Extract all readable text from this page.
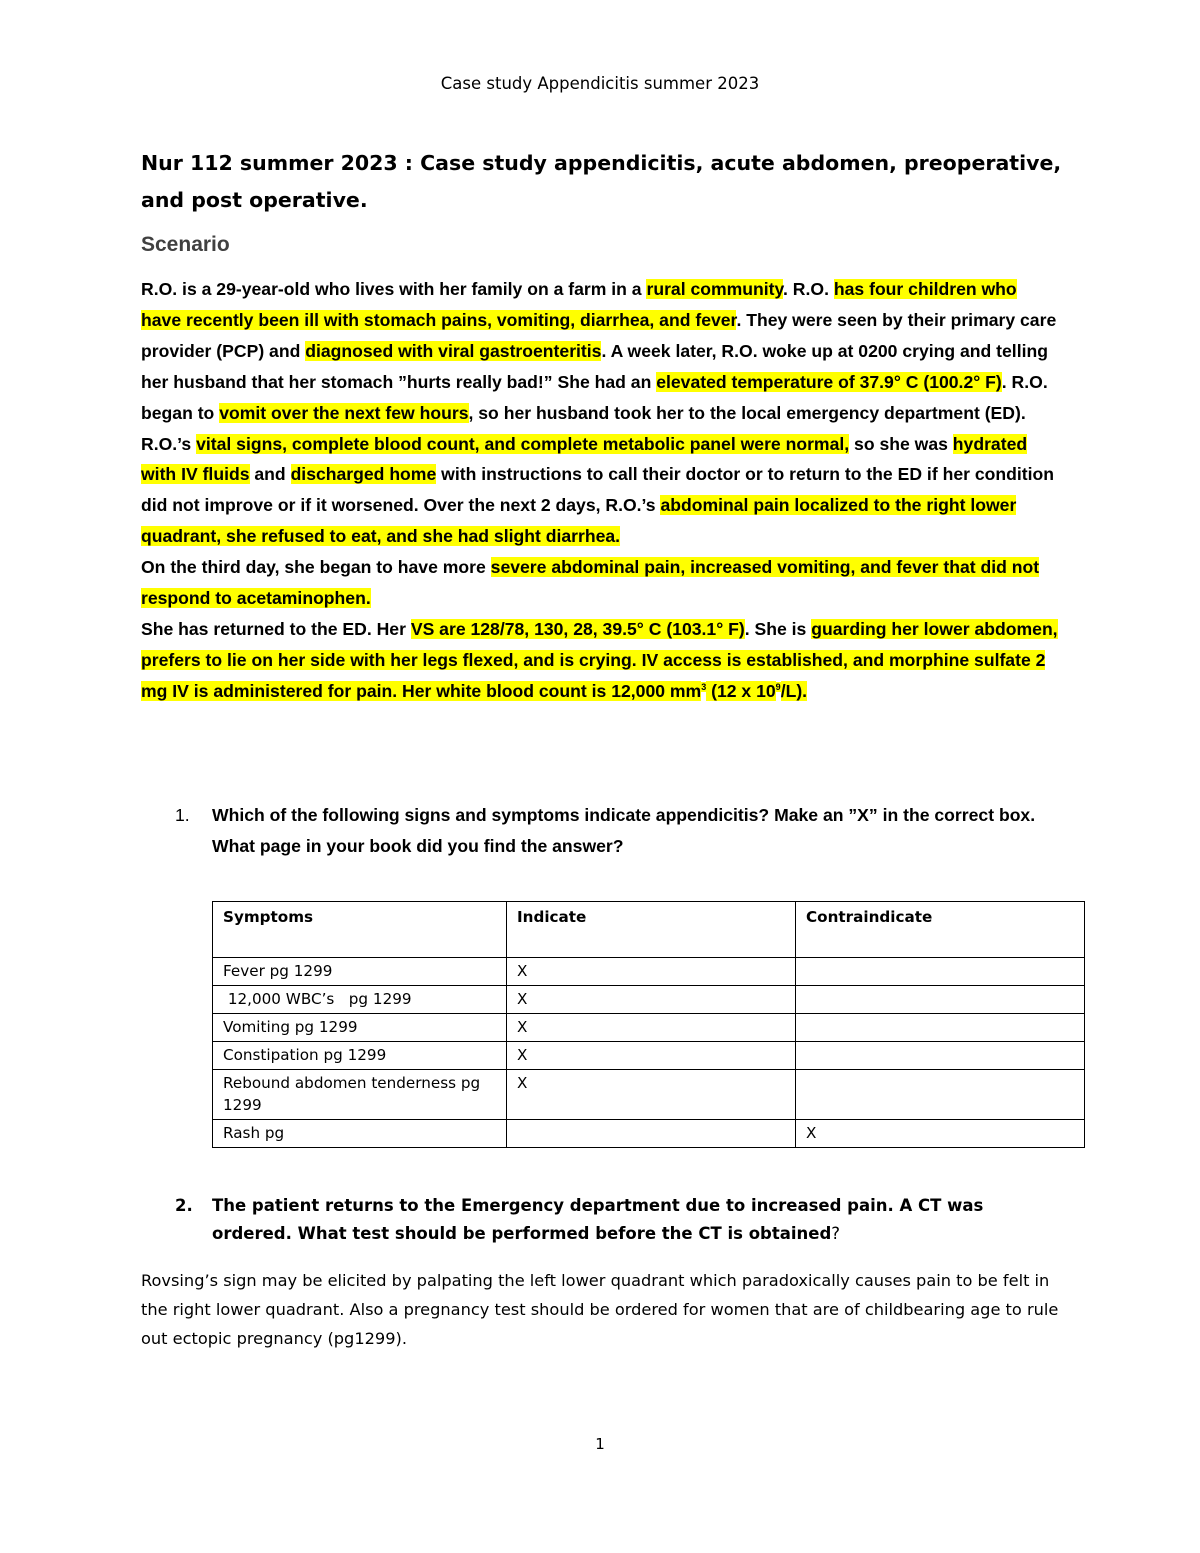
Case study Appendicitis summer 2023
Nur 112 summer 2023 : Case study appendicitis, acute abdomen, preoperative, and post operative.
Scenario

R.O. is a 29-year-old who lives with her family on a farm in a rural community. R.O. has four children who have recently been ill with stomach pains, vomiting, diarrhea, and fever. They were seen by their primary care provider (PCP) and diagnosed with viral gastroenteritis. A week later, R.O. woke up at 0200 crying and telling her husband that her stomach ”hurts really bad!” She had an elevated temperature of 37.9° C (100.2° F). R.O. began to vomit over the next few hours, so her husband took her to the local emergency department (ED). R.O.’s vital signs, complete blood count, and complete metabolic panel were normal, so she was hydrated with IV fluids and discharged home with instructions to call their doctor or to return to the ED if her condition did not improve or if it worsened. Over the next 2 days, R.O.’s abdominal pain localized to the right lower quadrant, she refused to eat, and she had slight diarrhea.

On the third day, she began to have more severe abdominal pain, increased vomiting, and fever that did not respond to acetaminophen.

She has returned to the ED. Her VS are 128/78, 130, 28, 39.5° C (103.1° F). She is guarding her lower abdomen, prefers to lie on her side with her legs flexed, and is crying. IV access is established, and morphine sulfate 2 mg IV is administered for pain. Her white blood count is 12,000 $mm^3$ (12 x $10^9/L$).

1. Which of the following signs and symptoms indicate appendicitis? Make an ”X” in the correct box. What page in your book did you find the answer?
Symptoms	Indicate	Contraindicate
Fever pg 1299	X	
12,000 WBC’s   pg 1299	X	
Vomiting pg 1299	X	
Constipation pg 1299	X	
Rebound abdomen tenderness pg 1299	X	
Rash pg		X
2. The patient returns to the Emergency department due to increased pain. A CT was ordered. What test should be performed before the CT is obtained?
Rovsing’s sign may be elicited by palpating the left lower quadrant which paradoxically causes pain to be felt in the right lower quadrant. Also a pregnancy test should be ordered for women that are of childbearing age to rule out ectopic pregnancy (pg1299).
1
